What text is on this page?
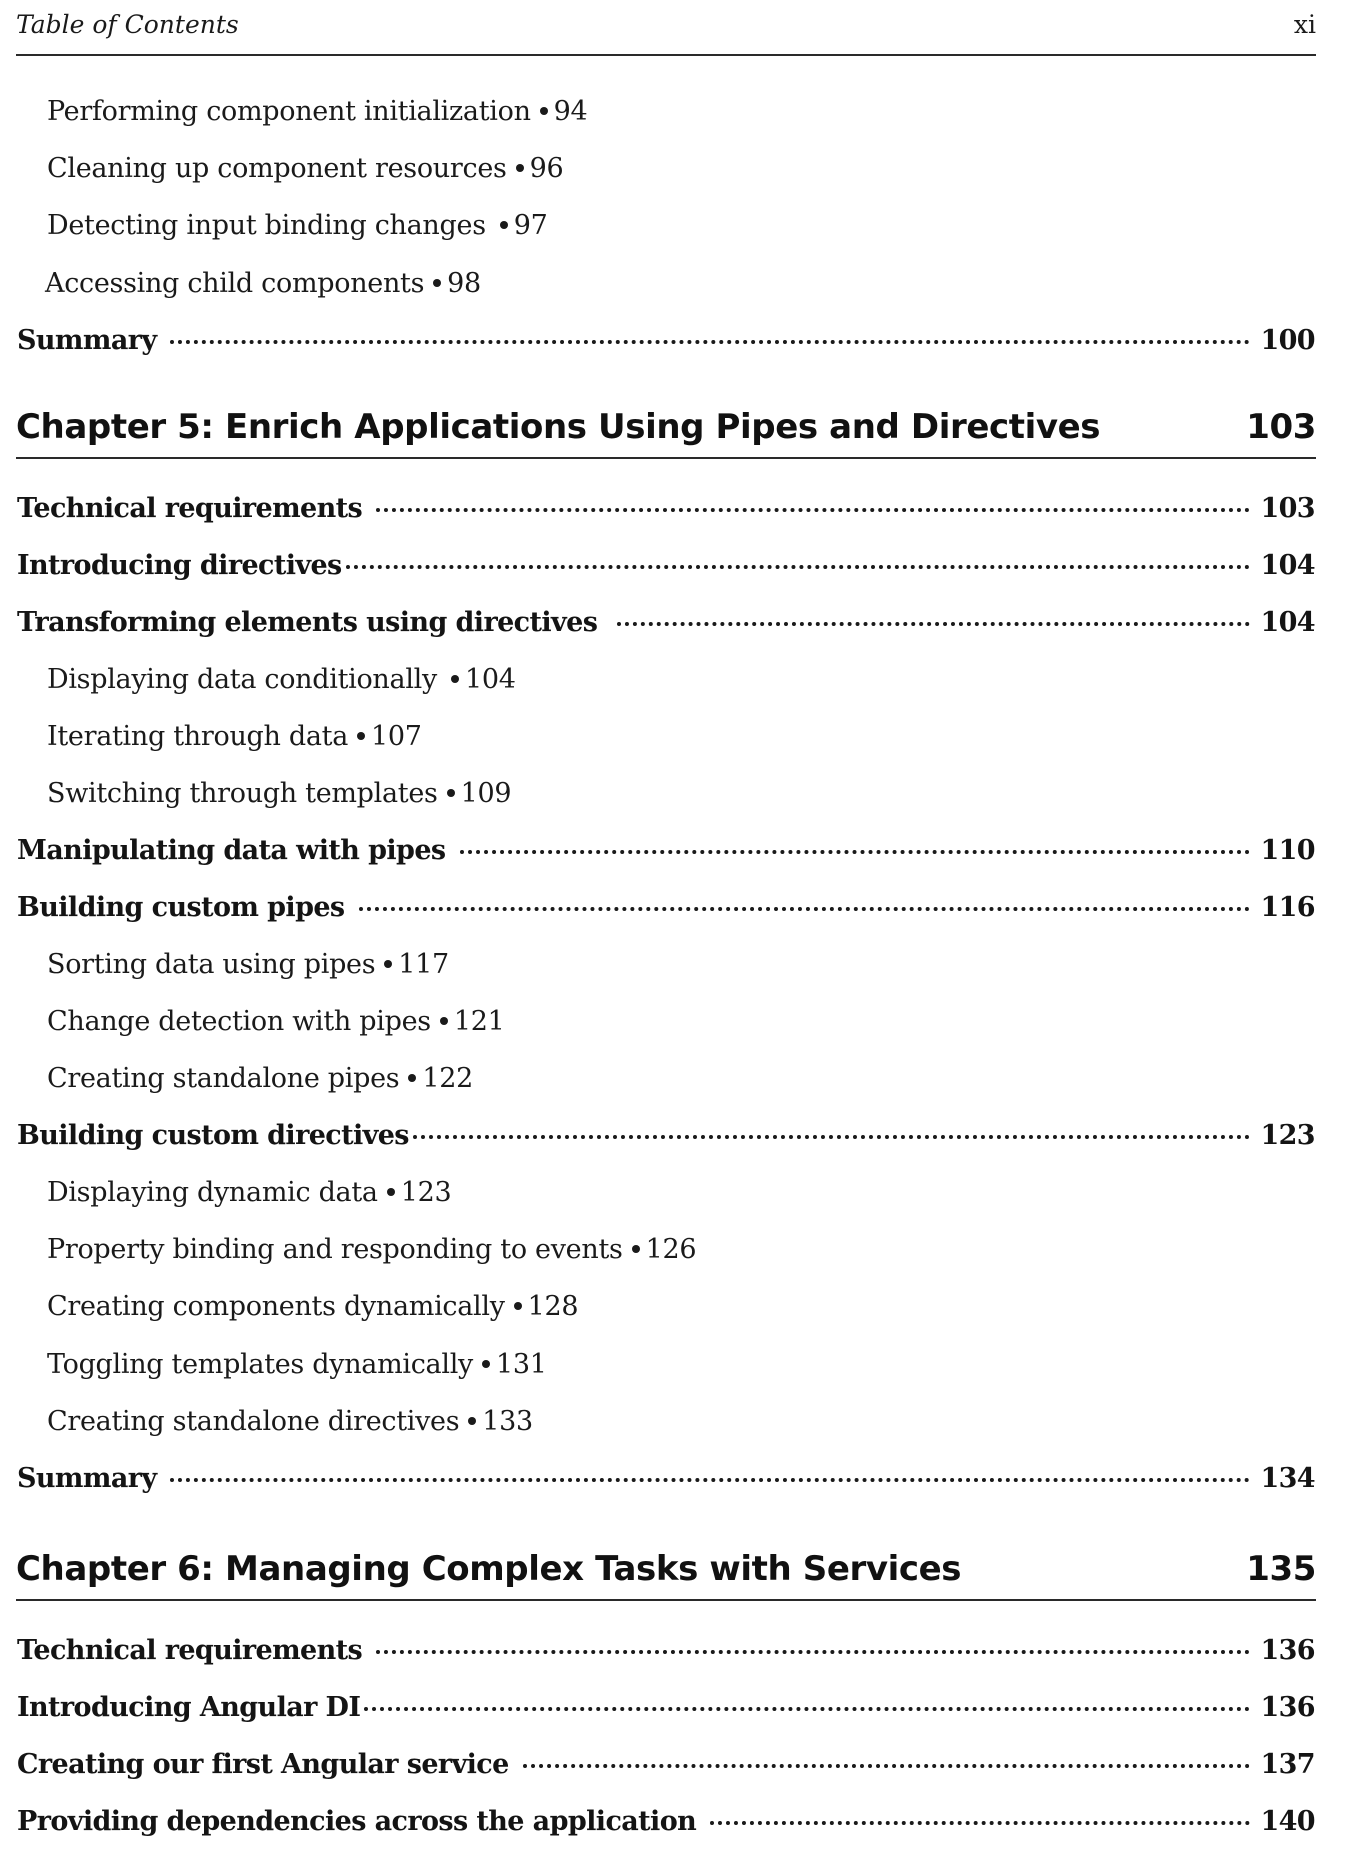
Table of Contents	xi
Performing component initialization 94
Cleaning up component resources 96
Detecting input binding changes 97
Accessing child components 98
Summary	100
Chapter 5: Enrich Applications Using Pipes and Directives	103
Technical requirements	103
Introducing directives	104
Transforming elements using directives	104
Displaying data conditionally 104
Iterating through data 107
Switching through templates 109
Manipulating data with pipes	110
Building custom pipes	116
Sorting data using pipes 117
Change detection with pipes 121
Creating standalone pipes 122
Building custom directives	123
Displaying dynamic data 123
Property binding and responding to events 126
Creating components dynamically 128
Toggling templates dynamically 131
Creating standalone directives 133
Summary	134
Chapter 6: Managing Complex Tasks with Services	135
Technical requirements	136
Introducing Angular DI	136
Creating our first Angular service	137
Providing dependencies across the application	140
